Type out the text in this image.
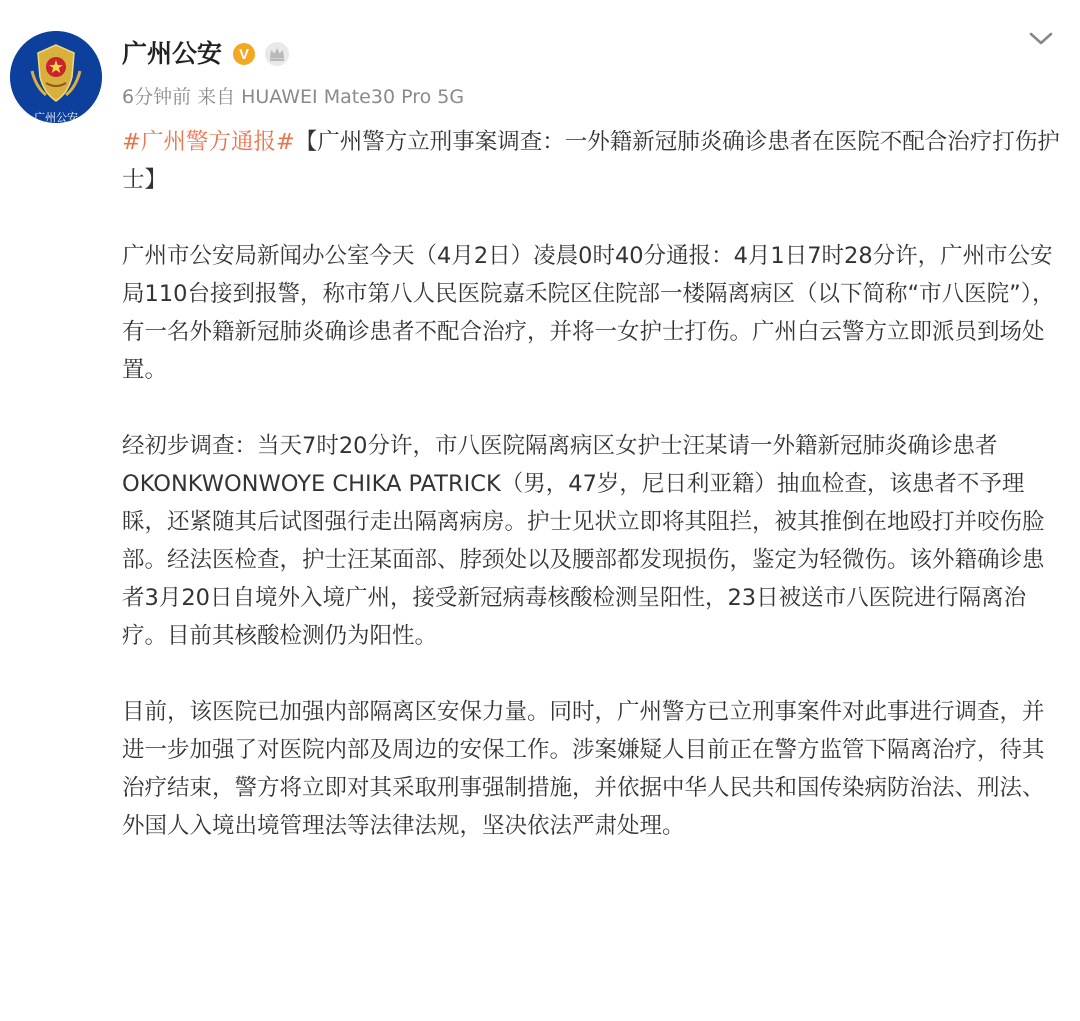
广州公安
广州公安 V
6分钟前 来自 HUAWEI Mate30 Pro 5G

#广州警方通报#【广州警方立刑事案调查：一外籍新冠肺炎确诊患者在医院不配合治疗打伤护士】

广州市公安局新闻办公室今天（4月2日）凌晨0时40分通报：4月1日7时28分许，广州市公安局110台接到报警，称市第八人民医院嘉禾院区住院部一楼隔离病区（以下简称“市八医院”），有一名外籍新冠肺炎确诊患者不配合治疗，并将一女护士打伤。广州白云警方立即派员到场处置。

经初步调查：当天7时20分许，市八医院隔离病区女护士汪某请一外籍新冠肺炎确诊患者OKONKWONWOYE CHIKA PATRICK（男，47岁，尼日利亚籍）抽血检查，该患者不予理睬，还紧随其后试图强行走出隔离病房。护士见状立即将其阻拦，被其推倒在地殴打并咬伤脸部。经法医检查，护士汪某面部、脖颈处以及腰部都发现损伤，鉴定为轻微伤。该外籍确诊患者3月20日自境外入境广州，接受新冠病毒核酸检测呈阳性，23日被送市八医院进行隔离治疗。目前其核酸检测仍为阳性。

目前，该医院已加强内部隔离区安保力量。同时，广州警方已立刑事案件对此事进行调查，并进一步加强了对医院内部及周边的安保工作。涉案嫌疑人目前正在警方监管下隔离治疗，待其治疗结束，警方将立即对其采取刑事强制措施，并依据中华人民共和国传染病防治法、刑法、外国人入境出境管理法等法律法规，坚决依法严肃处理。
